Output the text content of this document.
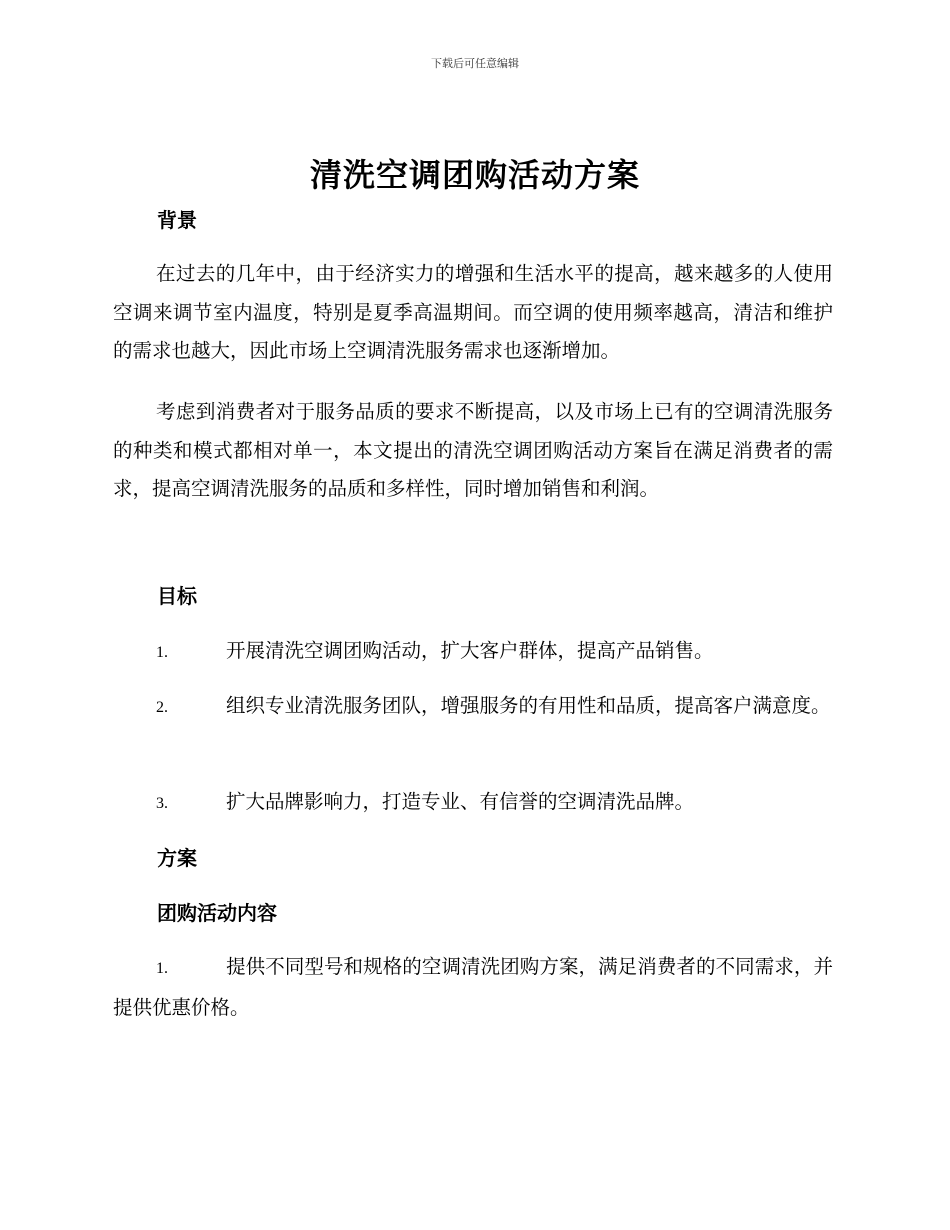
下载后可任意编辑
清洗空调团购活动方案
背景

在过去的几年中，由于经济实力的增强和生活水平的提高，越来越多的人使用空调来调节室内温度，特别是夏季高温期间。而空调的使用频率越高，清洁和维护的需求也越大，因此市场上空调清洗服务需求也逐渐增加。

考虑到消费者对于服务品质的要求不断提高，以及市场上已有的空调清洗服务的种类和模式都相对单一，本文提出的清洗空调团购活动方案旨在满足消费者的需求，提高空调清洗服务的品质和多样性，同时增加销售和利润。

目标

1.	开展清洗空调团购活动，扩大客户群体，提高产品销售。

2.	组织专业清洗服务团队，增强服务的有用性和品质，提高客户满意度。

3.	扩大品牌影响力，打造专业、有信誉的空调清洗品牌。

方案
团购活动内容

1.	提供不同型号和规格的空调清洗团购方案，满足消费者的不同需求，并提供优惠价格。
